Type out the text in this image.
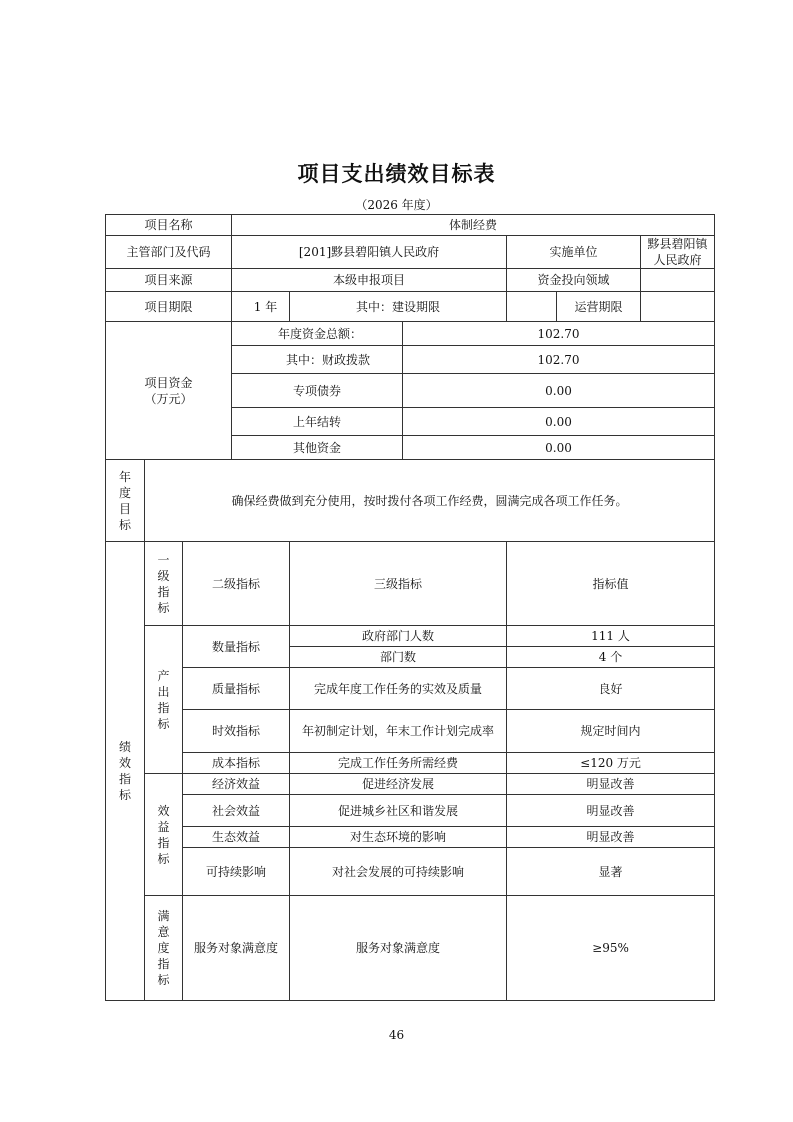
项目支出绩效目标表
（2026 年度）
项目名称			体制经费					
主管部门及代码			[201]黟县碧阳镇人民政府			实施单位		黟县碧阳镇人民政府
项目来源			本级申报项目			资金投向领域		
项目期限			1 年	其中：建设期限			运营期限	

项目资金
（万元）			年度资金总额：		102.70			
			其中：财政拨款		102.70			
			专项债券		0.00			
			上年结转		0.00			
			其他资金		0.00			

年度目标	确保经费做到充分使用，按时拨付各项工作经费，圆满完成各项工作任务。							

绩效指标	一级指标	二级指标		三级指标		指标值		

	产出指标	数量指标		政府部门人数		111 人		
				部门数		4 个		
		质量指标		完成年度工作任务的实效及质量		良好		
		时效指标		年初制定计划，年末工作计划完成率		规定时间内		
		成本指标		完成工作任务所需经费		≤120 万元		

	效益指标	经济效益		促进经济发展		明显改善		
		社会效益		促进城乡社区和谐发展		明显改善		
		生态效益		对生态环境的影响		明显改善		
		可持续影响		对社会发展的可持续影响		显著		

	满意度指标	服务对象满意度		服务对象满意度		≥95%		
46
